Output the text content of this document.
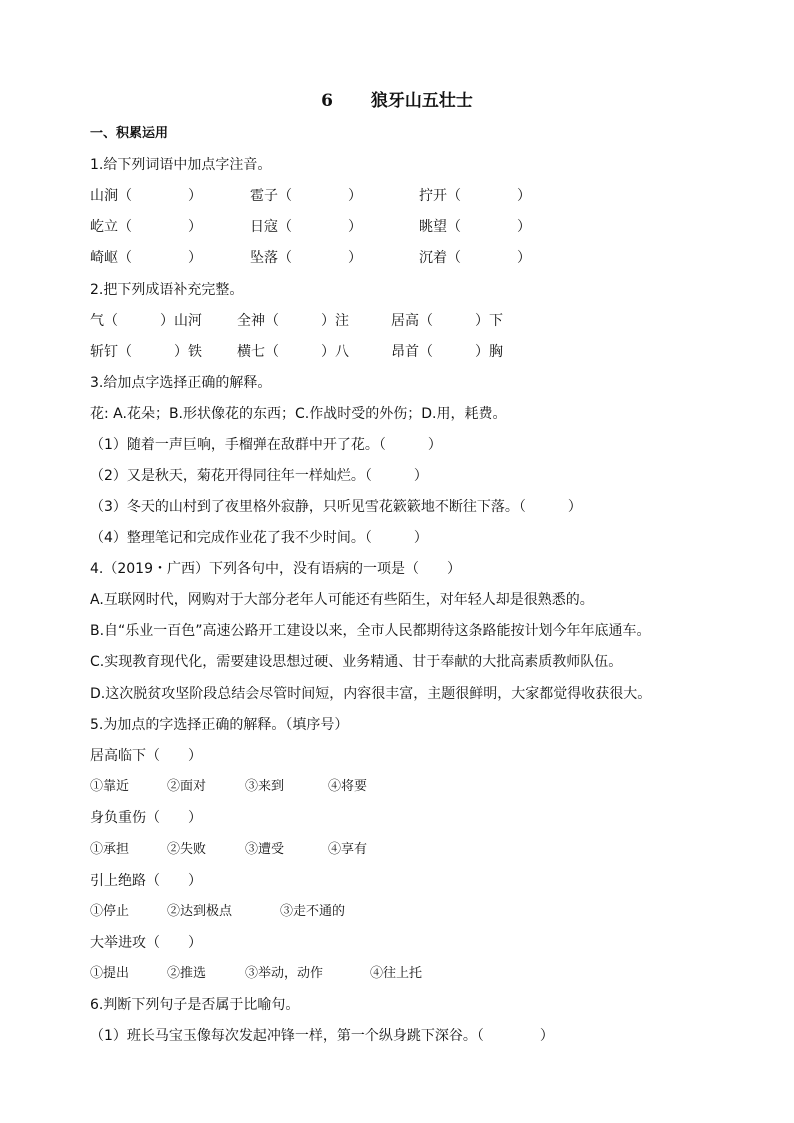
6 狼牙山五壮士
一、积累运用
1.给下列词语中加点字注音。
山涧（　　　　）	雹子（　　　　）	拧开（　　　　）
屹立（　　　　）	日寇（　　　　）	眺望（　　　　）
崎岖（　　　　）	坠落（　　　　）	沉着（　　　　）
2.把下列成语补充完整。
气（　　　）山河	全神（　　　）注	居高（　　　）下
斩钉（　　　）铁	横七（　　　）八	昂首（　　　）胸
3.给加点字选择正确的解释。
花: A.花朵；B.形状像花的东西；C.作战时受的外伤；D.用，耗费。
（1）随着一声巨响，手榴弹在敌群中开了花。（　　　）
（2）又是秋天，菊花开得同往年一样灿烂。（　　　）
（3）冬天的山村到了夜里格外寂静，只听见雪花簌簌地不断往下落。（　　　）
（4）整理笔记和完成作业花了我不少时间。（　　　）
4.（2019・广西）下列各句中，没有语病的一项是（　　）
A.互联网时代，网购对于大部分老年人可能还有些陌生，对年轻人却是很熟悉的。
B.自“乐业一百色”高速公路开工建设以来，全市人民都期待这条路能按计划今年年底通车。
C.实现教育现代化，需要建设思想过硬、业务精通、甘于奉献的大批高素质教师队伍。
D.这次脱贫攻坚阶段总结会尽管时间短，内容很丰富，主题很鲜明，大家都觉得收获很大。
5.为加点的字选择正确的解释。（填序号）
居高临下（　　）
①靠近	②面对	③来到	④将要
身负重伤（　　）
①承担	②失败	③遭受	④享有
引上绝路（　　）
①停止	②达到极点	③走不通的
大举进攻（　　）
①提出	②推选	③举动，动作	④往上托
6.判断下列句子是否属于比喻句。
（1）班长马宝玉像每次发起冲锋一样，第一个纵身跳下深谷。（　　　　）
